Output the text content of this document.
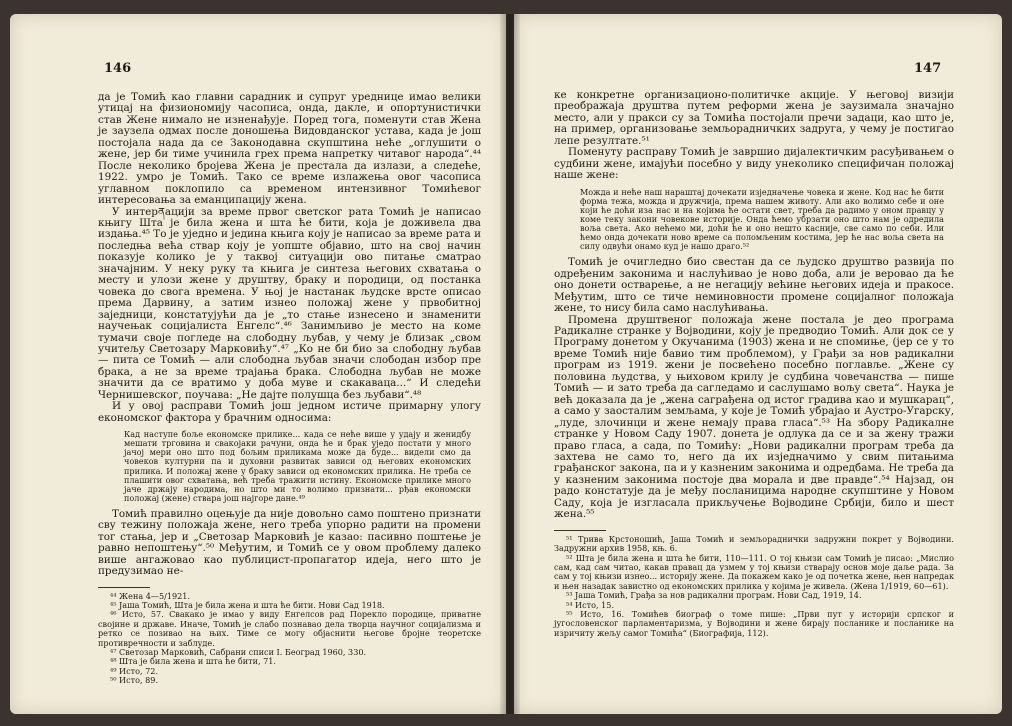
146

да је Томић као главни сарадник и супруг уреднице имао велики утицај на физиономију часописа, онда, дакле, и опортунистички став Жене нимало не изненађује. Поред тога, поменути став Жена је заузела одмах после доношења Видовданског устава, када је још постојала нада да се Законодавна скупштина неће „оглушити о жене, јер би тиме учинила грех према напретку читавог народа“.⁴⁴ После неколико бројева Жена је престала да излази, а следеће, 1922. умро је Томић. Тако се време излажења овог часописа углавном поклопило са временом интензивног Томићевог интересовања за еманципацију жена.

У интерནацији за време првог светског рата Томић је написао књигу Шта је била жена и шта ће бити, која је доживела два издања.⁴⁵ То је уједно и једина књига коју је написао за време рата и последња већа ствар коју је уопште објавио, што на свој начин показује колико је у таквој ситуацији ово питање сматрао значајним. У неку руку та књига је синтеза његових схватања о месту и улози жене у друштву, браку и породици, од постанка човека до свога времена. У њој је настанак људске врсте описао према Дарвину, а затим изнео положај жене у првобитној заједници, констатујући да је „то стање изнесено и знаменити научењак социјалиста Енгелс“.⁴⁶ Занимљиво је место на коме тумачи своје погледе на слободну љубав, у чему је близак „свом учитељу Светозару Марковићу“.⁴⁷ „Ко не би био за слободну љубав — пита се Томић — али слободна љубав значи слободан избор пре брака, а не за време трајања брака. Слободна љубав не може значити да се вратимо у доба муве и скакаваца...“ И следећи Чернишевског, поучава: „Не дајте полушца без љубави“.⁴⁸

И у овој расправи Томић још једном истиче примарну улогу економског фактора у брачним односима:

Кад наступе боље економске прилике... када се неће више у удају и женидбу мешати трговина и свакојаки рачуни, онда ће и брак уједо постати у много јачој мери оно што под бољим приликама може да буде... видели смо да човеков културни па и духовни развитак зависи од његових економских прилика. И положај жене у браку зависи од економских прилика. Не треба се плашити овог схватања, већ треба тражити истину. Економске прилике много јаче држају народима, но што ми то волимо признати... рђав економски положај (жене) ствара још најгоре дане.⁴⁹

Томић правилно оцењује да није довољно само поштено признати сву тежину положаја жене, него треба упорно радити на промени тог стања, јер и „Светозар Марковић је казао: пасивно поштење је равно непоштењу“.⁵⁰ Међутим, и Томић се у овом проблему далеко више ангажовао као публицист-пропагатор идеја, него што је предузимао не-

⁴⁴ Жена 4—5/1921.

⁴⁵ Јаша Томић, Шта је била жена и шта ће бити. Нови Сад 1918.

⁴⁶ Исто, 57. Свакако је имао у виду Енгелсов рад Порекло породице, приватне својине и државе. Иначе, Томић је слабо познавао дела творца научног социјализма и ретко се позивао на њих. Тиме се могу објаснити његове бројне теоретске противречности и заблуде.

⁴⁷ Светозар Марковић, Сабрани списи I. Београд 1960, 330.

⁴⁸ Шта је била жена и шта ће бити, 71.

⁴⁹ Исто, 72.

⁵⁰ Исто, 89.

147

ке конкретне организационо-политичке акције. У његовој визији преображаја друштва путем реформи жена је заузимала значајно место, али у пракси су за Томића постојали пречи задаци, као што је, на пример, организовање земљорадничких задруга, у чему је постигао лепе резултате.⁵¹

Поменуту расправу Томић је завршио дијалектичким расуђивањем о судбини жене, имајући посебно у виду унеколико специфичан положај наше жене:

Можда и неће наш нараштај дочекати изједначење човека и жене. Код нас ће бити форма тежа, можда и дружчија, према нашем животу. Али ако волимо себе и оне који ће доћи иза нас и на којима ће остати свет, треба да радимо у оном правцу у коме теку закони човекове историје. Онда ћемо убрзати оно што нам је одредила воља света. Ако нећемо ми, доћи ће и оно нешто касније, све само по себи. Или ћемо онда дочекати ново време са поломљеним костима, јер ће нас воља света на силу одвући онамо куд је нашо драго.⁵²

Томић је очигледно био свестан да се људско друштво развија по одређеним законима и наслућивао је ново доба, али је веровао да ће оно донети остварење, а не негацију већине његових идеја и пракосе. Међутим, што се тиче неминовности промене социјалног положаја жене, то нису била само наслућивања.

Промена друштвеног положаја жене постала је део програма Радикалне странке у Војводини, коју је предводио Томић. Али док се у Програму донетом у Окучанима (1903) жена и не спомиње, (јер се у то време Томић није бавио тим проблемом), у Грађи за нов радикални програм из 1919. жени је посвећено посебно поглавље. „Жене су половина људства, у њиховом крилу је судбина човечанства — пише Томић — и зато треба да сагледамо и саслушамо вољу света“. Наука је већ доказала да је „жена саграђена од истог градива као и мушкарац“, а само у заосталим земљама, у које је Томић убрајао и Аустро-Угарску, „луде, злочинци и жене немају права гласа“.⁵³ На збору Радикалне странке у Новом Саду 1907. донета је одлука да се и за жену тражи право гласа, а сада, по Томићу: „Нови радикални програм треба да захтева не само то, него да их изједначимо у свим питањима грађанског закона, па и у казненим законима и одредбама. Не треба да у казненим законима постоје два морала и две правде“.⁵⁴ Најзад, он радо констатује да је међу посланицима народне скупштине у Новом Саду, која је изгласала прикључење Војводине Србији, било и шест жена.⁵⁵

⁵¹ Трива Крстоношић, Јаша Томић и земљораднички задружни покрет у Војводини. Задружни архив 1958, књ. 6.

⁵² Шта је била жена и шта ће бити, 110—111. О тој књизи сам Томић је писао: „Мислио сам, кад сам читао, какав правац да узмем у тој књизи стварају основ моје даље рада. За сам у тој књизи изнео... историју жене. Да покажем како је од почетка жене, њен напредак и њен назадак завистно од економских прилика у којима је живела. (Жена 1/1919, 60—61).

⁵³ Јаша Томић, Грађа за нов радикални програм. Нови Сад, 1919, 14.

⁵⁴ Исто, 15.

⁵⁵ Исто, 16. Томићев биограф о томе пише: „Први пут у историји српског и југословенског парламентаризма, у Војводини и жене бирају посланике и посланике на изричиту жељу самог Томића“ (Биографија, 112).
